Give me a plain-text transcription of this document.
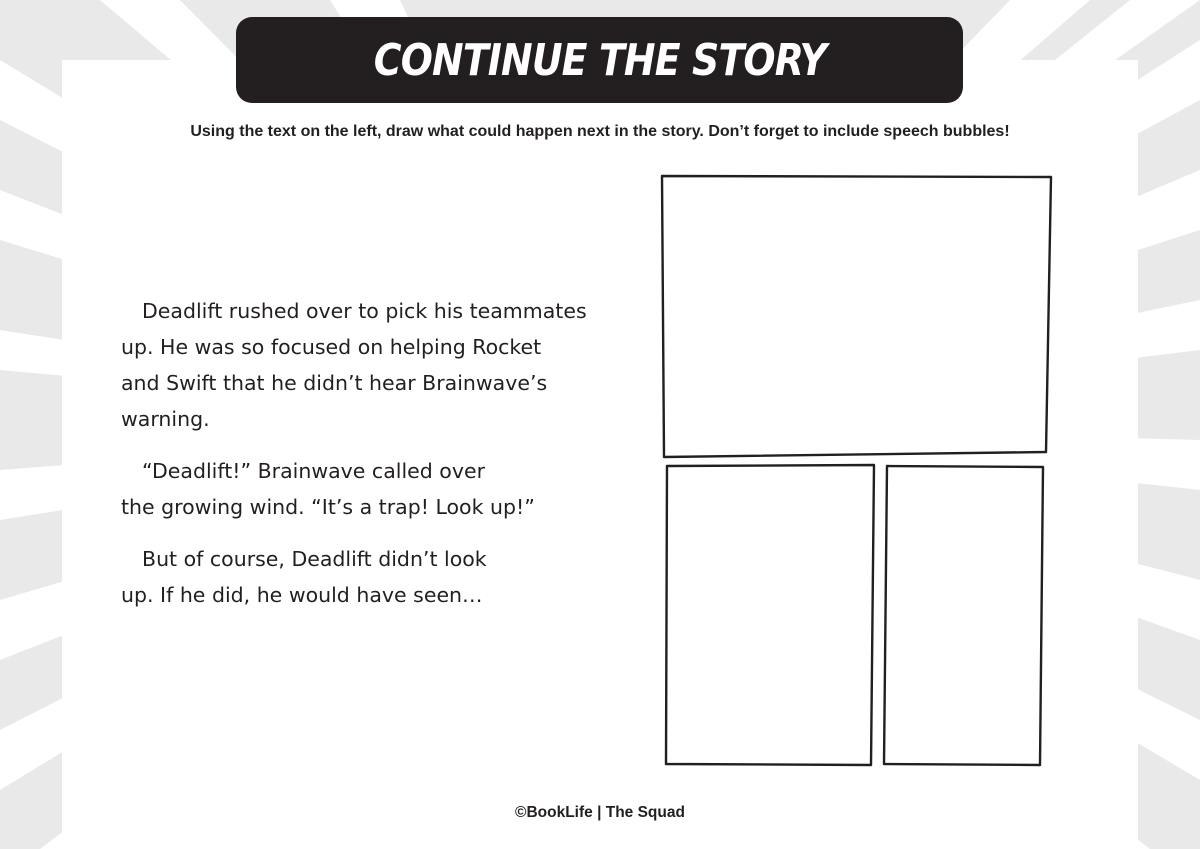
CONTINUE THE STORY
Using the text on the left, draw what could happen next in the story. Don’t forget to include speech bubbles!

Deadlift rushed over to pick his teammates
up. He was so focused on helping Rocket
and Swift that he didn’t hear Brainwave’s
warning.

“Deadlift!” Brainwave called over
the growing wind. “It’s a trap! Look up!”

But of course, Deadlift didn’t look
up. If he did, he would have seen…

©BookLife | The Squad
